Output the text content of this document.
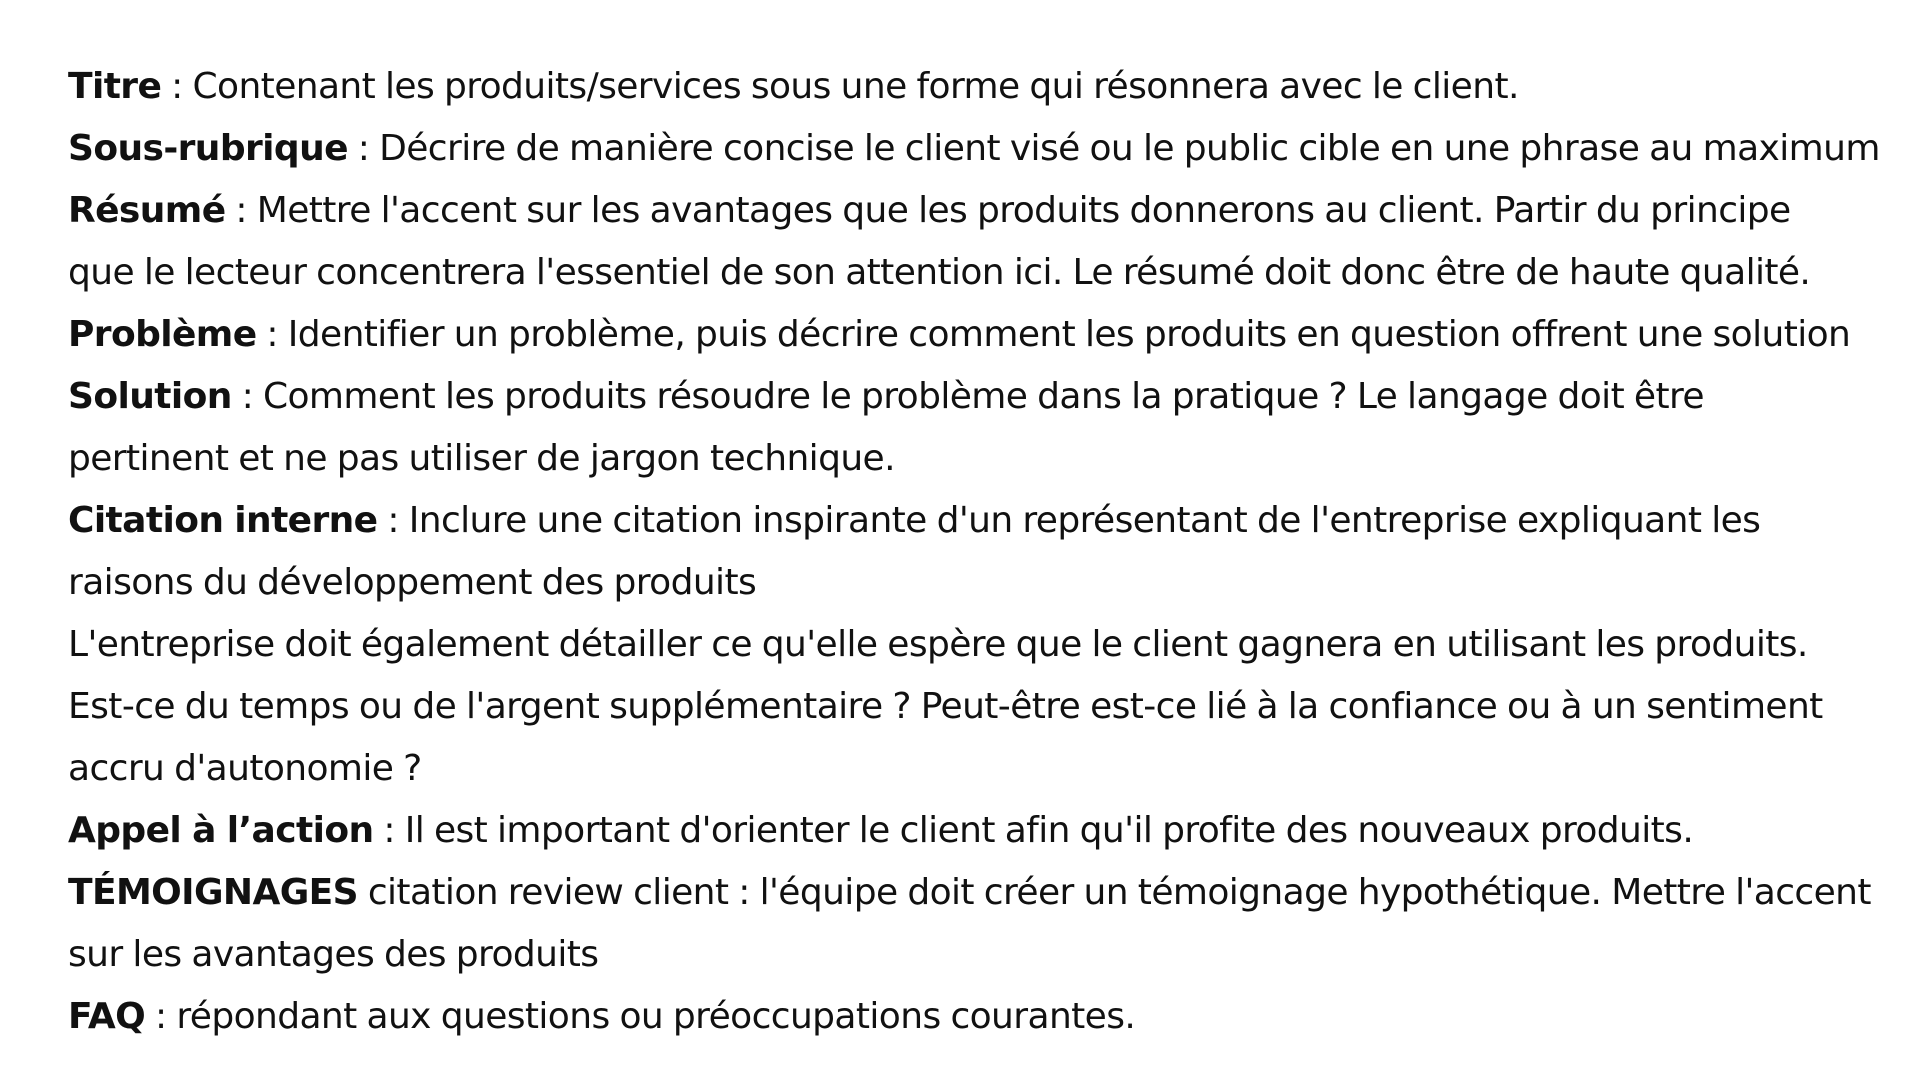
Titre : Contenant les produits/services sous une forme qui résonnera avec le client.

Sous-rubrique : Décrire de manière concise le client visé ou le public cible en une phrase au maximum

Résumé : Mettre l'accent sur les avantages que les produits donnerons au client. Partir du principe

que le lecteur concentrera l'essentiel de son attention ici. Le résumé doit donc être de haute qualité.

Problème : Identifier un problème, puis décrire comment les produits en question offrent une solution

Solution : Comment les produits résoudre le problème dans la pratique ? Le langage doit être

pertinent et ne pas utiliser de jargon technique.

Citation interne : Inclure une citation inspirante d'un représentant de l'entreprise expliquant les

raisons du développement des produits

L'entreprise doit également détailler ce qu'elle espère que le client gagnera en utilisant les produits.

Est-ce du temps ou de l'argent supplémentaire ? Peut-être est-ce lié à la confiance ou à un sentiment

accru d'autonomie ?

Appel à l’action : Il est important d'orienter le client afin qu'il profite des nouveaux produits.

TÉMOIGNAGES citation review client : l'équipe doit créer un témoignage hypothétique. Mettre l'accent

sur les avantages des produits

FAQ : répondant aux questions ou préoccupations courantes.
